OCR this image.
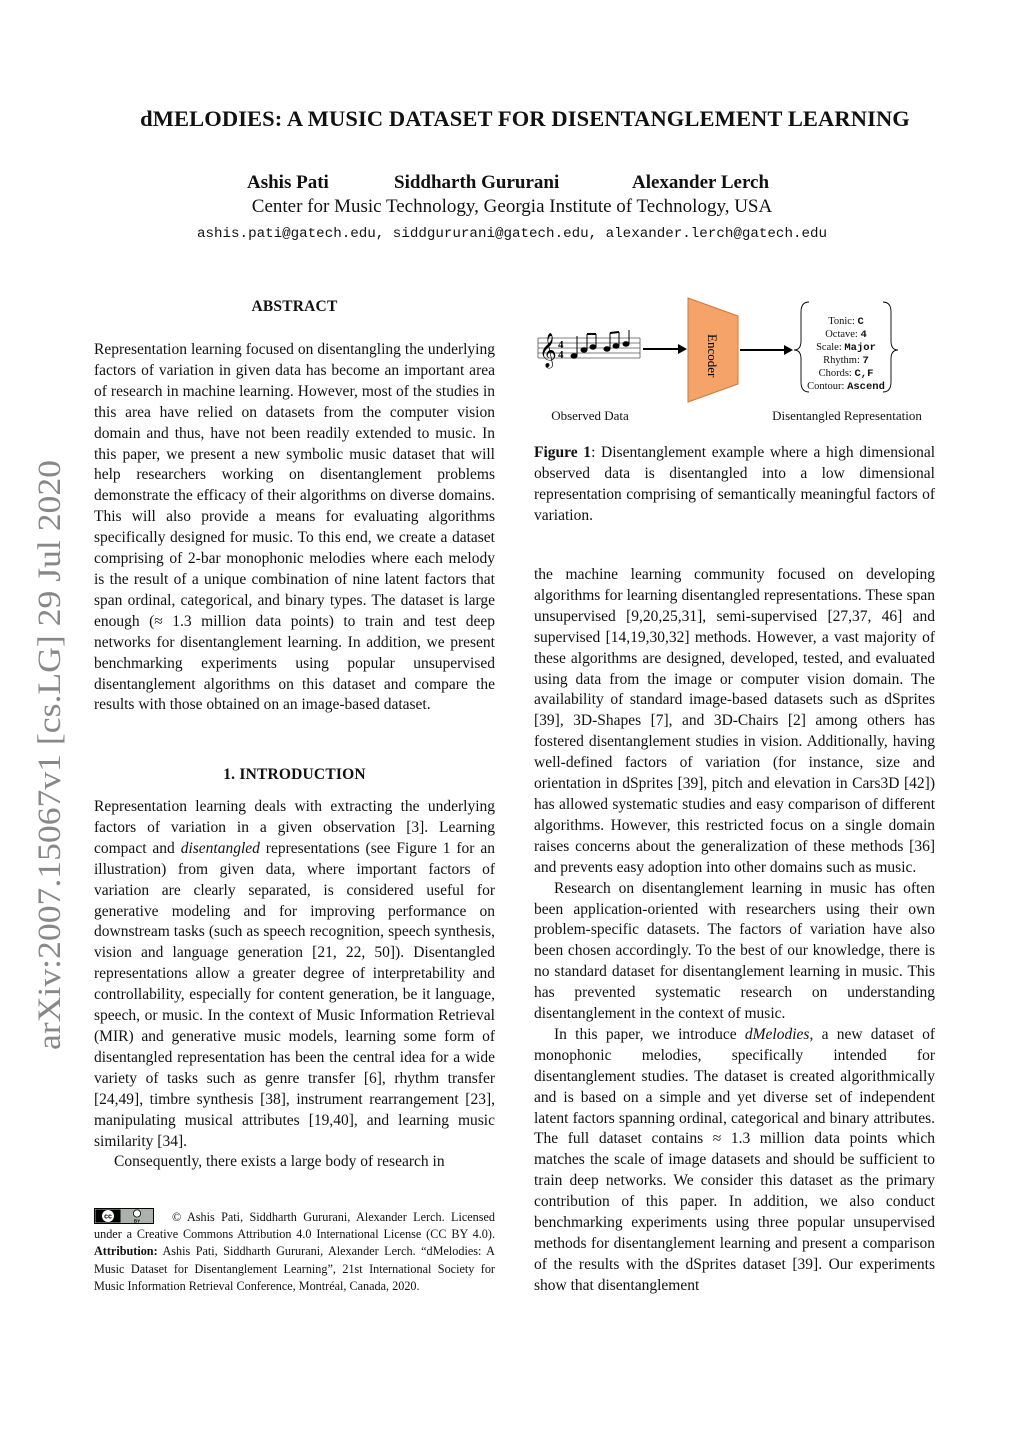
arXiv:2007.15067v1 [cs.LG] 29 Jul 2020
dMELODIES: A MUSIC DATASET FOR DISENTANGLEMENT LEARNING
Ashis Pati	Siddharth Gururani	Alexander Lerch
Center for Music Technology, Georgia Institute of Technology, USA
ashis.pati@gatech.edu, siddgururani@gatech.edu, alexander.lerch@gatech.edu
ABSTRACT

Representation learning focused on disentangling the underlying factors of variation in given data has become an important area of research in machine learning. However, most of the studies in this area have relied on datasets from the computer vision domain and thus, have not been readily extended to music. In this paper, we present a new symbolic music dataset that will help researchers working on disentanglement problems demonstrate the efficacy of their algorithms on diverse domains. This will also provide a means for evaluating algorithms specifically designed for music. To this end, we create a dataset comprising of 2-bar monophonic melodies where each melody is the result of a unique combination of nine latent factors that span ordinal, categorical, and binary types. The dataset is large enough (≈ 1.3 million data points) to train and test deep networks for disentanglement learning. In addition, we present benchmarking experiments using popular unsupervised disentanglement algorithms on this dataset and compare the results with those obtained on an image-based dataset.

1. INTRODUCTION

Representation learning deals with extracting the underlying factors of variation in a given observation [3]. Learning compact and disentangled representations (see Figure 1 for an illustration) from given data, where important factors of variation are clearly separated, is considered useful for generative modeling and for improving performance on downstream tasks (such as speech recognition, speech synthesis, vision and language generation [21, 22, 50]). Disentangled representations allow a greater degree of interpretability and controllability, especially for content generation, be it language, speech, or music. In the context of Music Information Retrieval (MIR) and generative music models, learning some form of disentangled representation has been the central idea for a wide variety of tasks such as genre transfer [6], rhythm transfer [24,49], timbre synthesis [38], instrument rearrangement [23], manipulating musical attributes [19,40], and learning music similarity [34].

Consequently, there exists a large body of research in

cc
BY	© Ashis Pati, Siddharth Gururani, Alexander Lerch. Licensed under a Creative Commons Attribution 4.0 International License (CC BY 4.0). Attribution: Ashis Pati, Siddharth Gururani, Alexander Lerch. “dMelodies: A Music Dataset for Disentanglement Learning”, 21st International Society for Music Information Retrieval Conference, Montréal, Canada, 2020.
𝄞 4
4	Encoder
Tonic: C
Octave: 4
Scale: Major
Rhythm: 7
Chords: C,F
Contour: Ascend
Observed Data	Disentangled Representation
Figure 1: Disentanglement example where a high dimensional observed data is disentangled into a low dimensional representation comprising of semantically meaningful factors of variation.

the machine learning community focused on developing algorithms for learning disentangled representations. These span unsupervised [9,20,25,31], semi-supervised [27,37, 46] and supervised [14,19,30,32] methods. However, a vast majority of these algorithms are designed, developed, tested, and evaluated using data from the image or computer vision domain. The availability of standard image-based datasets such as dSprites [39], 3D-Shapes [7], and 3D-Chairs [2] among others has fostered disentanglement studies in vision. Additionally, having well-defined factors of variation (for instance, size and orientation in dSprites [39], pitch and elevation in Cars3D [42]) has allowed systematic studies and easy comparison of different algorithms. However, this restricted focus on a single domain raises concerns about the generalization of these methods [36] and prevents easy adoption into other domains such as music.

Research on disentanglement learning in music has often been application-oriented with researchers using their own problem-specific datasets. The factors of variation have also been chosen accordingly. To the best of our knowledge, there is no standard dataset for disentanglement learning in music. This has prevented systematic research on understanding disentanglement in the context of music.

In this paper, we introduce dMelodies, a new dataset of monophonic melodies, specifically intended for disentanglement studies. The dataset is created algorithmically and is based on a simple and yet diverse set of independent latent factors spanning ordinal, categorical and binary attributes. The full dataset contains ≈ 1.3 million data points which matches the scale of image datasets and should be sufficient to train deep networks. We consider this dataset as the primary contribution of this paper. In addition, we also conduct benchmarking experiments using three popular unsupervised methods for disentanglement learning and present a comparison of the results with the dSprites dataset [39]. Our experiments show that disentanglement
